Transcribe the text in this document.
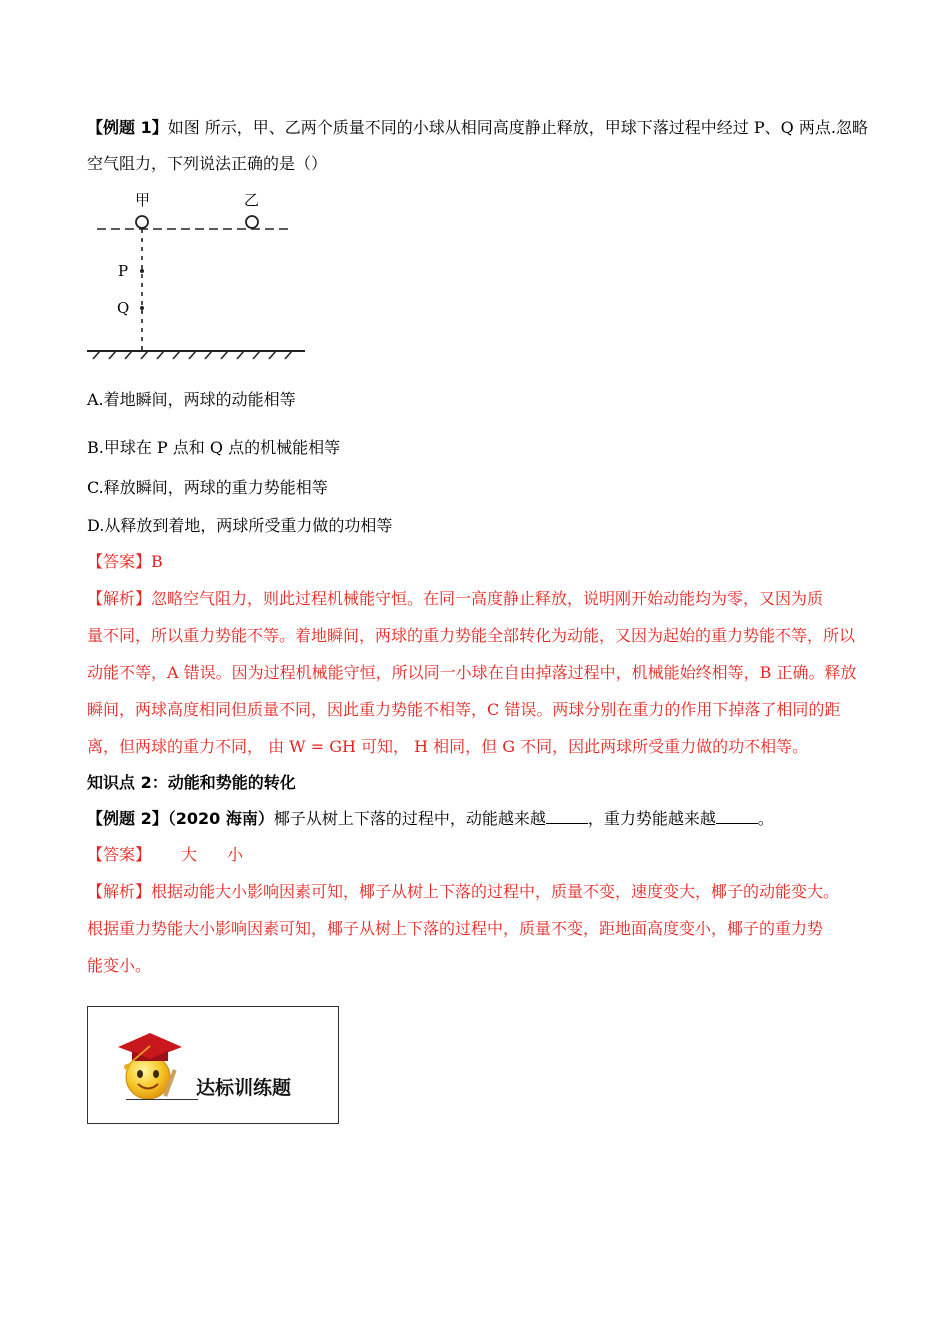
【例题 1】如图 所示，甲、乙两个质量不同的小球从相同高度静止释放，甲球下落过程中经过 P、Q 两点.忽略
空气阻力，下列说法正确的是（）
甲	乙
P
Q
A.着地瞬间，两球的动能相等
B.甲球在 P 点和 Q 点的机械能相等
C.释放瞬间，两球的重力势能相等
D.从释放到着地，两球所受重力做的功相等
【答案】B
【解析】忽略空气阻力，则此过程机械能守恒。在同一高度静止释放，说明刚开始动能均为零，又因为质
量不同，所以重力势能不等。着地瞬间，两球的重力势能全部转化为动能，又因为起始的重力势能不等，所以
动能不等，A 错误。因为过程机械能守恒，所以同一小球在自由掉落过程中，机械能始终相等，B 正确。释放
瞬间，两球高度相同但质量不同，因此重力势能不相等，C 错误。两球分别在重力的作用下掉落了相同的距
离，但两球的重力不同， 由 W = GH 可知， H 相同，但 G 不同，因此两球所受重力做的功不相等。
知识点 2：动能和势能的转化
【例题 2】（2020 海南）椰子从树上下落的过程中，动能越来越	，重力势能越来越	。
【答案】 大 小
【解析】根据动能大小影响因素可知，椰子从树上下落的过程中，质量不变，速度变大，椰子的动能变大。
根据重力势能大小影响因素可知，椰子从树上下落的过程中，质量不变，距地面高度变小，椰子的重力势
能变小。
达标训练题
